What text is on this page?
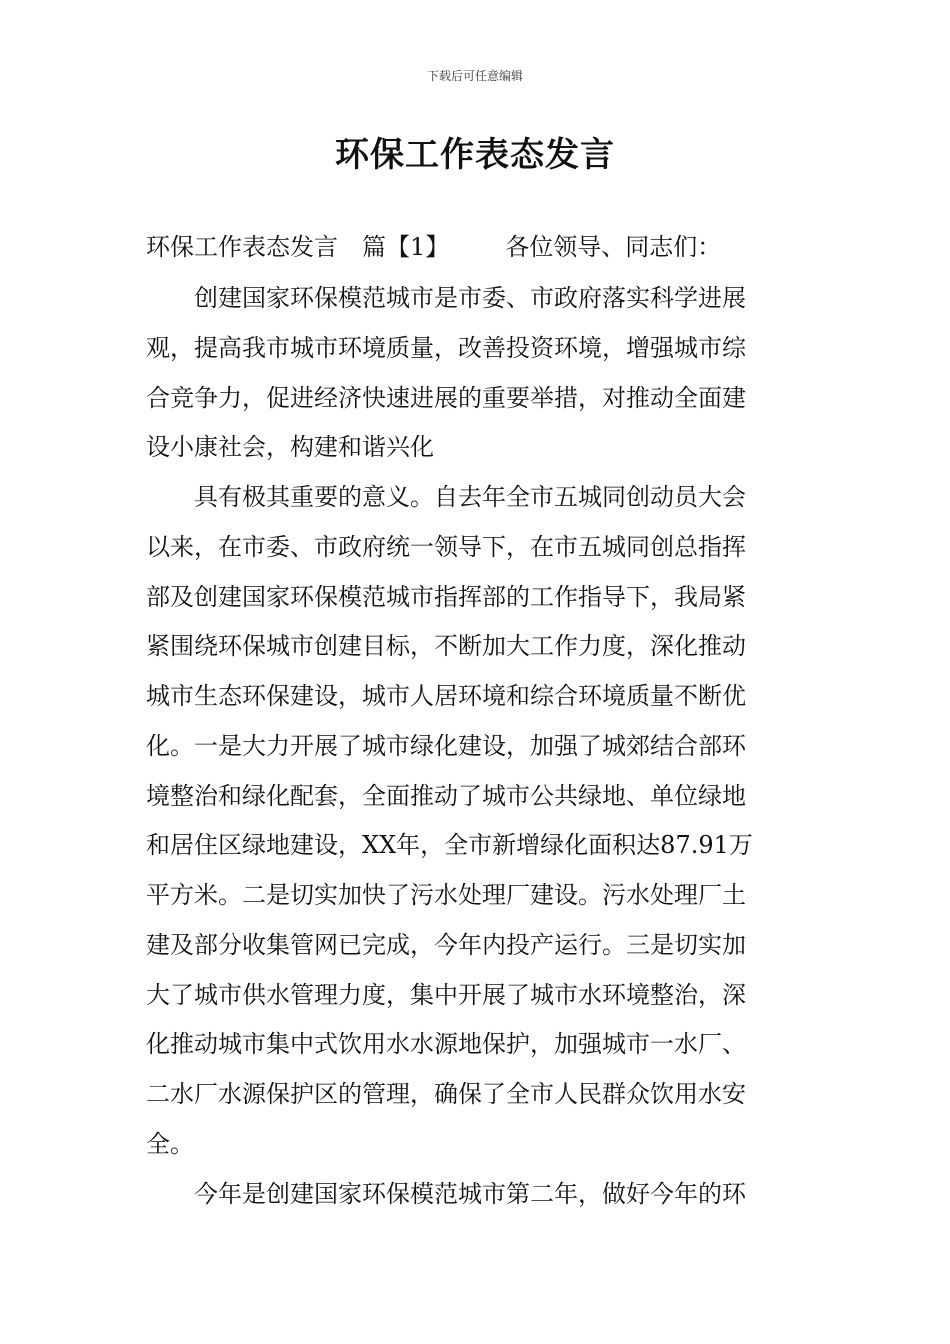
下载后可任意编辑
环保工作表态发言
环保工作表态发言 篇【1】 各位领导、同志们：
　　创建国家环保模范城市是市委、市政府落实科学进展
观，提高我市城市环境质量，改善投资环境，增强城市综
合竞争力，促进经济快速进展的重要举措，对推动全面建
设小康社会，构建和谐兴化
　　具有极其重要的意义。自去年全市五城同创动员大会
以来，在市委、市政府统一领导下，在市五城同创总指挥
部及创建国家环保模范城市指挥部的工作指导下，我局紧
紧围绕环保城市创建目标，不断加大工作力度，深化推动
城市生态环保建设，城市人居环境和综合环境质量不断优
化。一是大力开展了城市绿化建设，加强了城郊结合部环
境整治和绿化配套，全面推动了城市公共绿地、单位绿地
和居住区绿地建设，XX年，全市新增绿化面积达87.91万
平方米。二是切实加快了污水处理厂建设。污水处理厂土
建及部分收集管网已完成，今年内投产运行。三是切实加
大了城市供水管理力度，集中开展了城市水环境整治，深
化推动城市集中式饮用水水源地保护，加强城市一水厂、
二水厂水源保护区的管理，确保了全市人民群众饮用水安
全。
　　今年是创建国家环保模范城市第二年，做好今年的环
